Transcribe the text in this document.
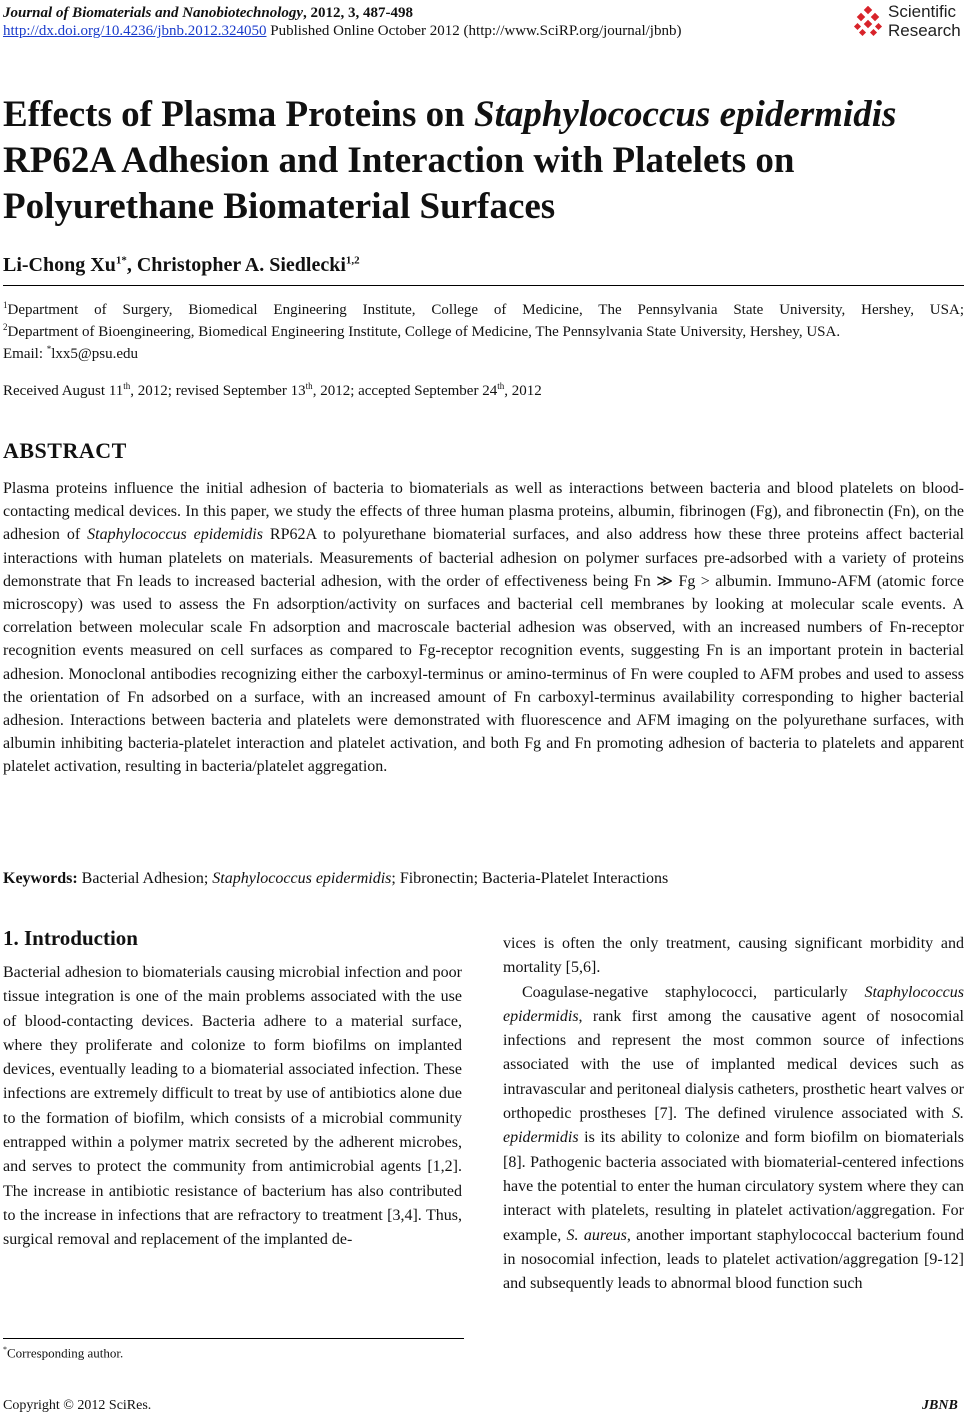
Journal of Biomaterials and Nanobiotechnology, 2012, 3, 487-498
http://dx.doi.org/10.4236/jbnb.2012.324050 Published Online October 2012 (http://www.SciRP.org/journal/jbnb)
Scientific
Research
Effects of Plasma Proteins on Staphylococcus epidermidis RP62A Adhesion and Interaction with Platelets on Polyurethane Biomaterial Surfaces
Li-Chong $Xu^{1*}$, Christopher A. Siedlecki$^{1,2}$
$^1$Department of Surgery, Biomedical Engineering Institute, College of Medicine, The Pennsylvania State University, Hershey, USA;
$^2$Department of Bioengineering, Biomedical Engineering Institute, College of Medicine, The Pennsylvania State University, Hershey, USA.
Email: *lxx5@psu.edu
Received August 11th, 2012; revised September 13th, 2012; accepted September 24th, 2012
ABSTRACT
Plasma proteins influence the initial adhesion of bacteria to biomaterials as well as interactions between bacteria and blood platelets on blood-contacting medical devices. In this paper, we study the effects of three human plasma proteins, albumin, fibrinogen (Fg), and fibronectin (Fn), on the adhesion of Staphylococcus epidemidis RP62A to polyurethane biomaterial surfaces, and also address how these three proteins affect bacterial interactions with human platelets on materials. Measurements of bacterial adhesion on polymer surfaces pre-adsorbed with a variety of proteins demonstrate that Fn leads to increased bacterial adhesion, with the order of effectiveness being Fn ≫ Fg > albumin. Immuno-AFM (atomic force microscopy) was used to assess the Fn adsorption/activity on surfaces and bacterial cell membranes by looking at molecular scale events. A correlation between molecular scale Fn adsorption and macroscale bacterial adhesion was observed, with an increased numbers of Fn-receptor recognition events measured on cell surfaces as compared to Fg-receptor recognition events, suggesting Fn is an important protein in bacterial adhesion. Monoclonal antibodies recognizing either the carboxyl-terminus or amino-terminus of Fn were coupled to AFM probes and used to assess the orientation of Fn adsorbed on a surface, with an increased amount of Fn carboxyl-terminus availability corresponding to higher bacterial adhesion. Interactions between bacteria and platelets were demonstrated with fluorescence and AFM imaging on the polyurethane surfaces, with albumin inhibiting bacteria-platelet interaction and platelet activation, and both Fg and Fn promoting adhesion of bacteria to platelets and apparent platelet activation, resulting in bacteria/platelet aggregation.
Keywords: Bacterial Adhesion; Staphylococcus epidermidis; Fibronectin; Bacteria-Platelet Interactions
1. Introduction

Bacterial adhesion to biomaterials causing microbial infection and poor tissue integration is one of the main problems associated with the use of blood-contacting devices. Bacteria adhere to a material surface, where they proliferate and colonize to form biofilms on implanted devices, eventually leading to a biomaterial associated infection. These infections are extremely difficult to treat by use of antibiotics alone due to the formation of biofilm, which consists of a microbial community entrapped within a polymer matrix secreted by the adherent microbes, and serves to protect the community from antimicrobial agents [1,2]. The increase in antibiotic resistance of bacterium has also contributed to the increase in infections that are refractory to treatment [3,4]. Thus, surgical removal and replacement of the implanted de-

vices is often the only treatment, causing significant morbidity and mortality [5,6].

Coagulase-negative staphylococci, particularly Staphylococcus epidermidis, rank first among the causative agent of nosocomial infections and represent the most common source of infections associated with the use of implanted medical devices such as intravascular and peritoneal dialysis catheters, prosthetic heart valves or orthopedic prostheses [7]. The defined virulence associated with S. epidermidis is its ability to colonize and form biofilm on biomaterials [8]. Pathogenic bacteria associated with biomaterial-centered infections have the potential to enter the human circulatory system where they can interact with platelets, resulting in platelet activation/aggregation. For example, S. aureus, another important staphylococcal bacterium found in nosocomial infection, leads to platelet activation/aggregation [9-12] and subsequently leads to abnormal blood function such

*Corresponding author.
Copyright © 2012 SciRes.	JBNB
